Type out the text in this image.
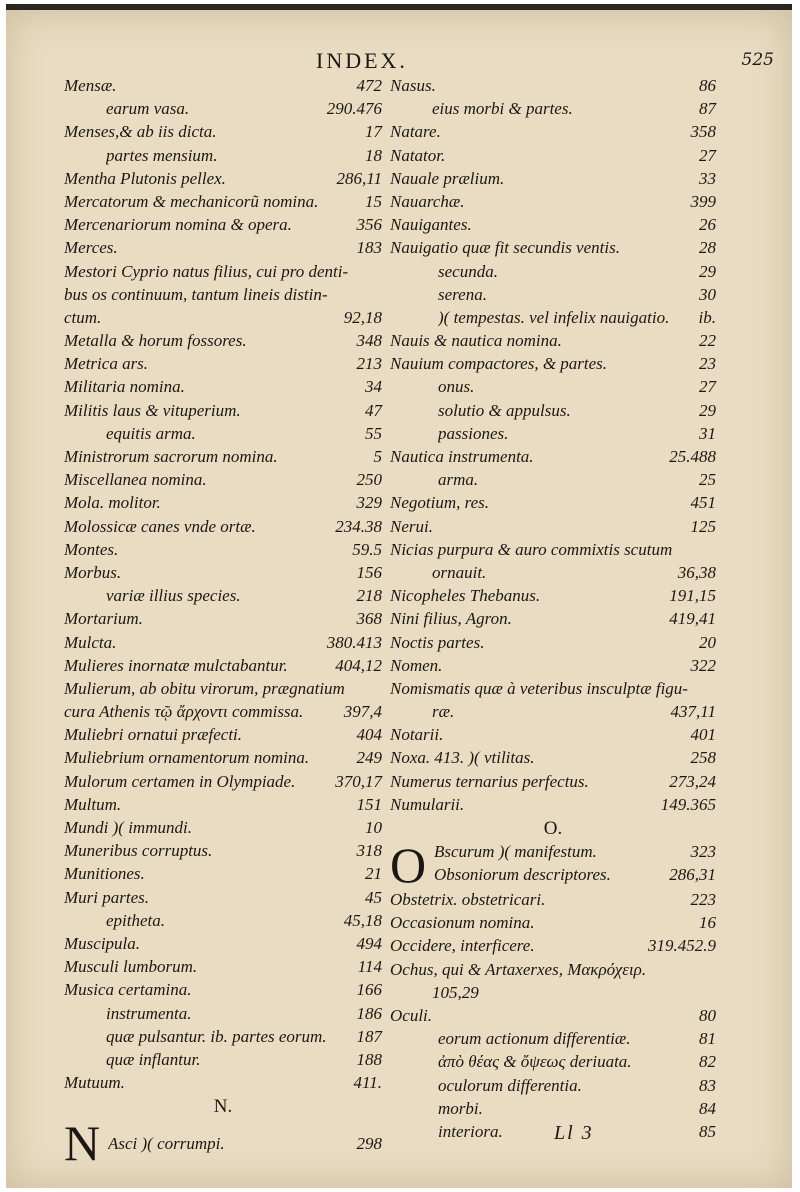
INDEX.	525
Mensæ.	472
earum vasa.	290.476
Menses,& ab iis dicta.	17
partes mensium.	18
Mentha Plutonis pellex.	286,11
Mercatorum & mechanicorũ nomina.	15
Mercenariorum nomina & opera.	356
Merces.	183
Mestori Cyprio natus filius, cui pro denti-
bus os continuum, tantum lineis distin-
ctum.	92,18
Metalla & horum fossores.	348
Metrica ars.	213
Militaria nomina.	34
Militis laus & vituperium.	47
equitis arma.	55
Ministrorum sacrorum nomina.	5
Miscellanea nomina.	250
Mola. molitor.	329
Molossicæ canes vnde ortæ.	234.38
Montes.	59.5
Morbus.	156
variæ illius species.	218
Mortarium.	368
Mulcta.	380.413
Mulieres inornatæ mulctabantur.	404,12
Mulierum, ab obitu virorum, prægnatium
cura Athenis τῷ ἄρχοντι commissa.	397,4
Muliebri ornatui præfecti.	404
Muliebrium ornamentorum nomina.	249
Mulorum certamen in Olympiade.	370,17
Multum.	151
Mundi )( immundi.	10
Muneribus corruptus.	318
Munitiones.	21
Muri partes.	45
epitheta.	45,18
Muscipula.	494
Musculi lumborum.	114
Musica certamina.	166
instrumenta.	186
quæ pulsantur. ib. partes eorum.	187
quæ inflantur.	188
Mutuum.	411.
N.
N Asci )( corrumpi.	298
Nasus.	86
eius morbi & partes.	87
Natare.	358
Natator.	27
Nauale prælium.	33
Nauarchæ.	399
Nauigantes.	26
Nauigatio quæ fit secundis ventis.	28
secunda.	29
serena.	30
)( tempestas. vel infelix nauigatio.	ib.
Nauis & nautica nomina.	22
Nauium compactores, & partes.	23
onus.	27
solutio & appulsus.	29
passiones.	31
Nautica instrumenta.	25.488
arma.	25
Negotium, res.	451
Nerui.	125
Nicias purpura & auro commixtis scutum
ornauit.	36,38
Nicopheles Thebanus.	191,15
Nini filius, Agron.	419,41
Noctis partes.	20
Nomen.	322
Nomismatis quæ à veteribus insculptæ figu-
ræ.	437,11
Notarii.	401
Noxa. 413. )( vtilitas.	258
Numerus ternarius perfectus.	273,24
Numularii.	149.365
O.
O Bscurum )( manifestum.	323
Obsoniorum descriptores.	286,31
Obstetrix. obstetricari.	223
Occasionum nomina.	16
Occidere, interficere.	319.452.9
Ochus, qui & Artaxerxes, Μακρόχειρ.
105,29
Oculi.	80
eorum actionum differentiæ.	81
ἀπὸ θέας & ὄψεως deriuata.	82
oculorum differentia.	83
morbi.	84
interiora.	85
Ll 3
